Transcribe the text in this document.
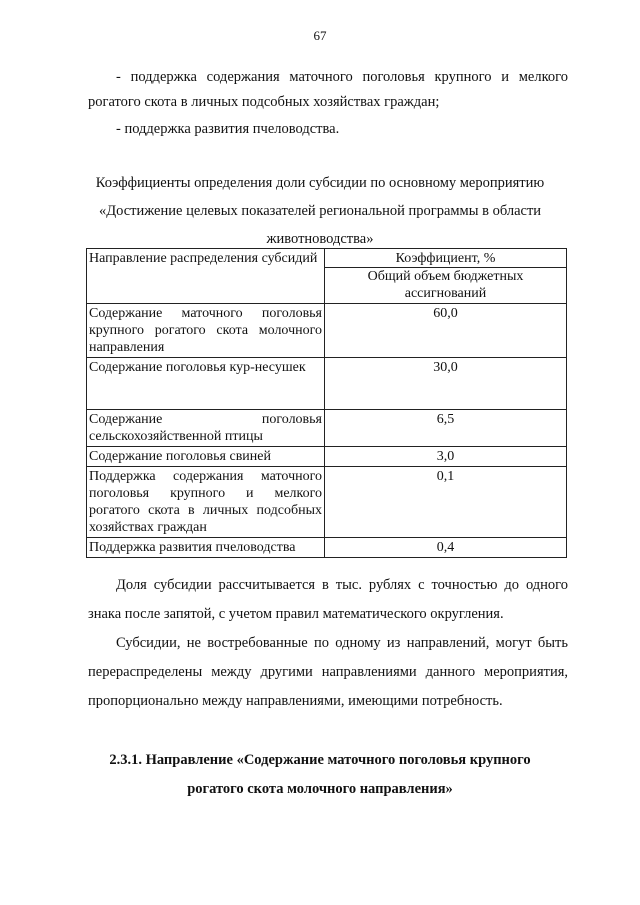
67
- поддержка содержания маточного поголовья крупного и мелкого рогатого скота в личных подсобных хозяйствах граждан;
- поддержка развития пчеловодства.
Коэффициенты определения доли субсидии по основному мероприятию «Достижение целевых показателей региональной программы в области животноводства»
Направление распределения субсидий	Коэффициент, %
Общий объем бюджетных ассигнований

Содержание маточного поголовья крупного рогатого скота молочного направления	60,0
Содержание поголовья кур-несушек	30,0
Содержание поголовья сельскохозяйственной птицы	6,5
Содержание поголовья свиней	3,0
Поддержка содержания маточного поголовья крупного и мелкого рогатого скота в личных подсобных хозяйствах граждан	0,1
Поддержка развития пчеловодства	0,4
Доля субсидии рассчитывается в тыс. рублях с точностью до одного знака после запятой, с учетом правил математического округления.
Субсидии, не востребованные по одному из направлений, могут быть перераспределены между другими направлениями данного мероприятия, пропорционально между направлениями, имеющими потребность.
2.3.1. Направление «Содержание маточного поголовья крупного рогатого скота молочного направления»
